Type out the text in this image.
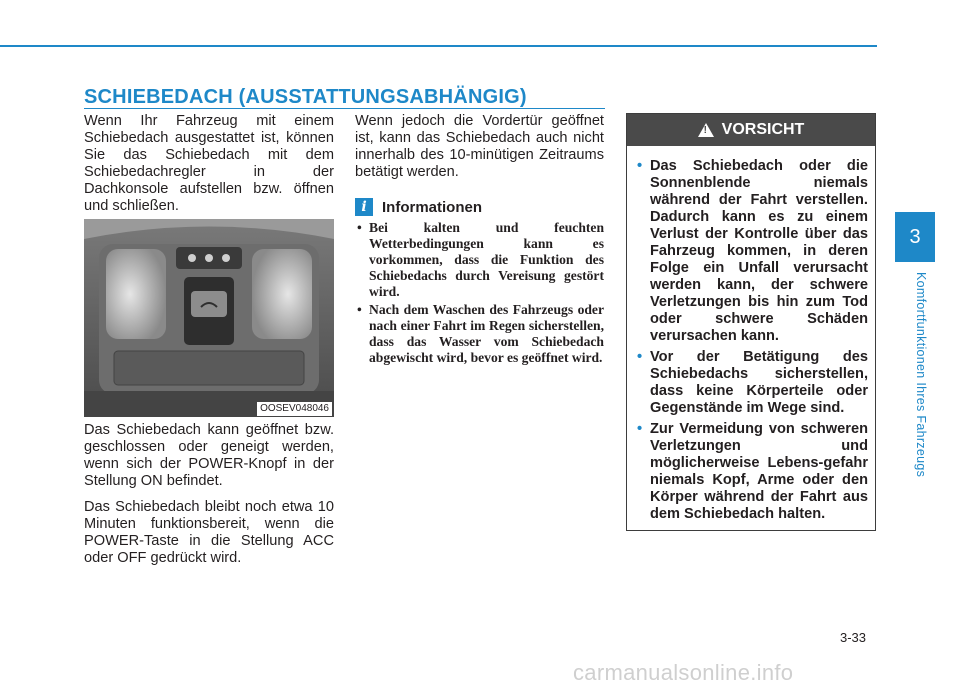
SCHIEBEDACH (AUSSTATTUNGSABHÄNGIG)

Wenn Ihr Fahrzeug mit einem Schiebedach ausgestattet ist, können Sie das Schiebedach mit dem Schiebedachregler in der Dachkonsole aufstellen bzw. öffnen und schließen.

OOSEV048046

Das Schiebedach kann geöffnet bzw. geschlossen oder geneigt werden, wenn sich der POWER-Knopf in der Stellung ON befindet.

Das Schiebedach bleibt noch etwa 10 Minuten funktionsbereit, wenn die POWER-Taste in die Stellung ACC oder OFF gedrückt wird.

Wenn jedoch die Vordertür geöffnet ist, kann das Schiebedach auch nicht innerhalb des 10-minütigen Zeitraums betätigt werden.

i	Informationen
• Bei kalten und feuchten Wetterbedingungen kann es vorkommen, dass die Funktion des Schiebedachs durch Vereisung gestört wird.
• Nach dem Waschen des Fahrzeugs oder nach einer Fahrt im Regen sicherstellen, dass das Wasser vom Schiebedach abgewischt wird, bevor es geöffnet wird.
! VORSICHT
• Das Schiebedach oder die Sonnenblende niemals während der Fahrt verstellen. Dadurch kann es zu einem Verlust der Kontrolle über das Fahrzeug kommen, in deren Folge ein Unfall verursacht werden kann, der schwere Verletzungen bis hin zum Tod oder schwere Schäden verursachen kann.
• Vor der Betätigung des Schiebedachs sicherstellen, dass keine Körperteile oder Gegenstände im Wege sind.
• Zur Vermeidung von schweren Verletzungen und möglicherweise Lebens-gefahr niemals Kopf, Arme oder den Körper während der Fahrt aus dem Schiebedach halten.
3
Komfortfunktionen Ihres Fahrzeugs
3-33
carmanualsonline.info
